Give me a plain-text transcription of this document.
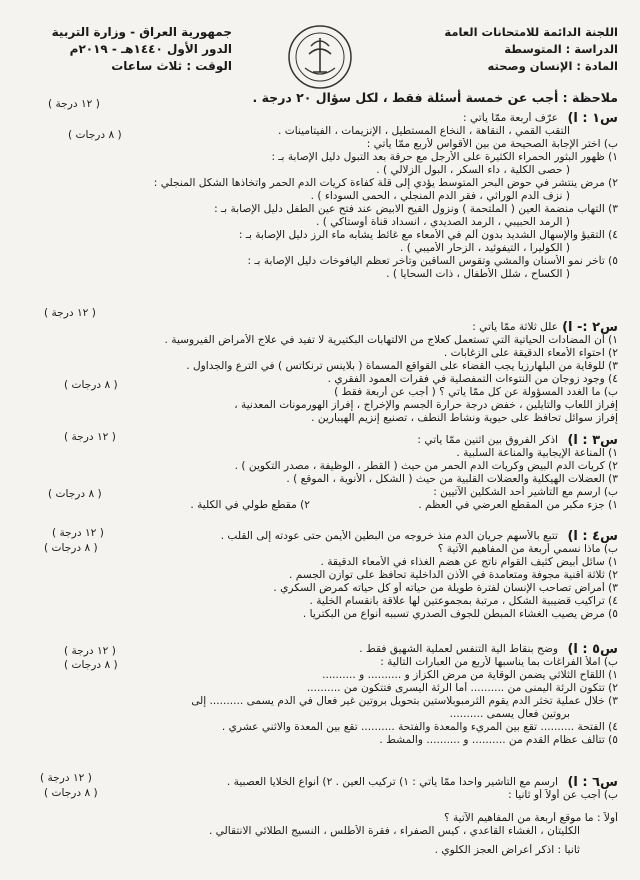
اللجنة الدائمة للامتحانات العامة
الدراسة : المتوسطة
المادة : الإنسان وصحته
جمهورية العراق - وزارة التربية
الدور الأول ١٤٤٠هـ - ٢٠١٩م
الوقت : ثلاث ساعات
ملاحظة : أجب عن خمسة أسئلة فقط ، لكل سؤال ٢٠ درجة .
س١ : أ)
س٢ :- أ)
س٣ : أ)
س٤ : أ)
س٥ : أ)
س٦ : أ)
عرّف أربعة ممّا يأتي :
التقب القمي ، النقاهة ، النخاع المستطيل ، الإنزيمات ، الفيتامينات .
ب) اختر الإجابة الصحيحة من بين الأقواس لأربع ممّا يأتي :
١) ظهور البثور الحمراء الكثيرة على الأرجل مع حرقة بعد التبول دليل الإصابة بـ :
( حصى الكلية ، داء السكر ، البول الزلالي ) .
٢) مرض ينتشر في حوض البحر المتوسط يؤدي إلى قلة كفاءة كريات الدم الحمر واتخاذها الشكل المنجلي :
( نزف الدم الوراثي ، فقر الدم المنجلي ، الحمى السوداء ) .
٣) التهاب منضمة العين ( الملتحمة ) ونزول القيح الابيض عند فتح عين الطفل دليل الإصابة بـ :
( الرمد الحبيبي ، الرمد الصديدي ، انسداد قناة أوستاكي ) .
٤) التقيؤ والإسهال الشديد بدون ألم في الأمعاء مع غائط يشابه ماء الرز دليل الإصابة بـ :
( الكوليرا ، التيفوئيد ، الزحار الأميبي ) .
٥) تأخر نمو الأسنان والمشي وتقوس الساقين وتأخر تعظم اليافوخات دليل الإصابة بـ :
( الكساح ، شلل الأطفال ، ذات السحايا ) .
علل ثلاثة ممّا يأتي :
١) أن المضادات الحياتية التي تستعمل كعلاج من الالتهابات البكتيرية لا تفيد في علاج الأمراض الفيروسية .
٢) احتواء الأمعاء الدقيقة على الزغابات .
٣) للوقاية من البلهارزيا يجب القضاء على القواقع المسماة ( بلاينس ترنكاتس ) في الترع والجداول .
٤) وجود زوجان من النتوءات التمفصلية في فقرات العمود الفقري .
ب) ما الغدد المسؤولة عن كل ممّا يأتي ؟ ( أجب عن أربعة فقط )
إفراز اللعاب والتايلين ، خفض درجة حرارة الجسم والإخراج ، إفراز الهورمونات المعدنية ،
إفراز سوائل تحافظ على حيوية ونشاط النطف ، تصنيع إنزيم الهيبارين .
اذكر الفروق بين اثنين ممّا يأتي :
١) المناعة الإيجابية والمناعة السلبية .
٢) كريات الدم البيض وكريات الدم الحمر من حيث ( القطر ، الوظيفة ، مصدر التكوين ) .
٣) العضلات الهيكلية والعضلات القلبية من حيث ( الشكل ، الأنوية ، الموقع ) .
ب) ارسم مع التأشير أحد الشكلين الآتيين :
١) جزء مكبر من المقطع العرضي في العظم .
٢) مقطع طولي في الكلية .
تتبع بالأسهم جريان الدم منذ خروجه من البطين الأيمن حتى عودته إلى القلب .
ب) ماذا نسمي أربعة من المفاهيم الآتية ؟
١) سائل أبيض كثيف القوام ناتج عن هضم الغذاء في الأمعاء الدقيقة .
٢) ثلاثة أقنية مجوفة ومتعامدة في الأذن الداخلية تحافظ على توازن الجسم .
٣) أمراض تصاحب الإنسان لفترة طويلة من حياته أو كل حياته كمرض السكري .
٤) تراكيب قضيبية الشكل ، مرتبة بمجموعتين لها علاقة بانقسام الخلية .
٥) مرض يصيب الغشاء المبطن للجوف الصدري تسببه أنواع من البكتريا .
وضح بنقاط آلية التنفس لعملية الشهيق فقط .
ب) املأ الفراغات بما يناسبها لأربع من العبارات التالية :
١) اللقاح الثلاثي يضمن الوقاية من مرض الكزاز و .......... و ..........
٢) تتكون الرئة اليمنى من .......... أما الرئة اليسرى فتتكون من ..........
٣) خلال عملية تخثر الدم يقوم الثرمبوبلاستين بتحويل بروتين غير فعال في الدم يسمى .......... إلى
بروتين فعال يسمى ..........
٤) الفتحة .......... تقع بين المريء والمعدة والفتحة .......... تقع بين المعدة والاثني عشري .
٥) تتألف عظام القدم من .......... و .......... والمشط .
ارسم مع التأشير واحداً ممّا يأتي : ١) تركيب العين . ٢) أنواع الخلايا العصبية .
ب) أجب عن أولاً أو ثانياً :
أولاً : ما موقع أربعة من المفاهيم الآتية ؟
الكليتان ، الغشاء القاعدي ، كيس الصفراء ، فقرة الأطلس ، النسيج الطلائي الانتقالي .
ثانياً : اذكر أعراض العجز الكلوي .
( ١٢ درجة )
( ٨ درجات )
( ١٢ درجة )
( ٨ درجات )
( ١٢ درجة )
( ٨ درجات )
( ١٢ درجة )
( ٨ درجات )
( ١٢ درجة )
( ٨ درجات )
( ١٢ درجة )
( ٨ درجات )
